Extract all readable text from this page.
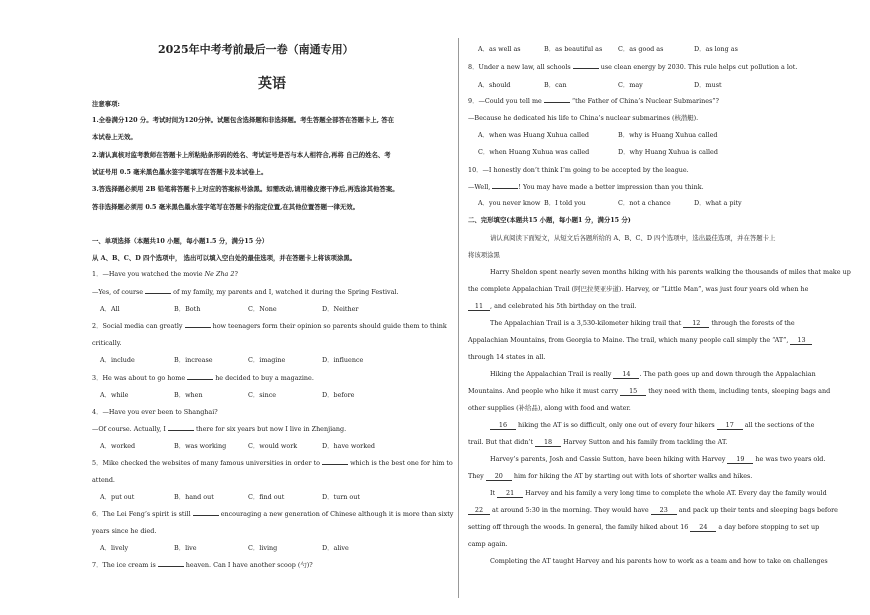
2025年中考考前最后一卷（南通专用）
英语
注意事项:
1.全卷满分120 分。考试时间为120分钟。试题包含选择题和非选择题。考生答题全部答在答题卡上, 答在
本试卷上无效。
2.请认真核对监考教师在答题卡上所粘贴条形码的姓名、考试证号是否与本人相符合,再将 自己的姓名、考
试证号用 0.5 毫米黑色墨水签字笔填写在答题卡及本试卷上。
3.答选择题必须用 2B 铅笔将答题卡上对应的答案标号涂黑。如需改动,请用橡皮擦干净后,再选涂其他答案。
答非选择题必须用 0.5 毫米黑色墨水签字笔写在答题卡的指定位置,在其他位置答题一律无效。
一、单项选择（本题共10 小题，每小题1.5 分，满分15 分）
从 A、B、C、D 四个选项中， 选出可以填入空白处的最佳选项，并在答题卡上将该项涂黑。
1．—Have you watched the movie Ne Zha 2?
—Yes, of course	of my family, my parents and I, watched it during the Spring Festival.
A．All	B．Both	C．None	D．Neither
2．Social media can greatly	how teenagers form their opinion so parents should guide them to think
critically.
A．include	B．increase	C．imagine	D．influence
3．He was about to go home	he decided to buy a magazine.
A．while	B．when	C．since	D．before
4．—Have you ever been to Shanghai?
—Of course. Actually, I	there for six years but now I live in Zhenjiang.
A．worked	B．was working	C．would work	D．have worked
5．Mike checked the websites of many famous universities in order to	which is the best one for him to
attend.
A．put out	B．hand out	C．find out	D．turn out
6．The Lei Feng’s spirit is still	encouraging a new generation of Chinese although it is more than sixty
years since he died.
A．lively	B．live	C．living	D．alive
7．The ice cream is	heaven. Can I have another scoop (勺)?
A．as well as	B．as beautiful as C．as good as	D．as long as
8．Under a new law, all schools	use clean energy by 2030. This rule helps cut pollution a lot.
A．should	B．can	C．may	D．must
9．—Could you tell me	“the Father of China’s Nuclear Submarines”?
—Because he dedicated his life to China’s nuclear submarines (核潜艇).
A．when was Huang Xuhua called	B．why is Huang Xuhua called
C．when Huang Xuhua was called	D．why Huang Xuhua is called
10．—I honestly don’t think I’m going to be accepted by the league.
—Well,	! You may have made a better impression than you think.
A．you never know B．I told you	C．not a chance	D．what a pity
二、完形填空(本题共15 小题，每小题1 分，满分15 分)
请认真阅读下面短文，从短文后各题所给的 A、B、C、D 四个选项中，选出最佳选项，并在答题卡上
将该项涂黑
Harry Sheldon spent nearly seven months hiking with his parents walking the thousands of miles that make up
the complete Appalachian Trail (阿巴拉契亚步道). Harvey, or “Little Man”, was just four years old when he
11 , and celebrated his 5th birthday on the trail.
The Appalachian Trail is a 3,530-kilometer hiking trail that 12 through the forests of the
Appalachian Mountains, from Georgia to Maine. The trail, which many people call simply the “AT”, 13
through 14 states in all.
Hiking the Appalachian Trail is really 14 . The path goes up and down through the Appalachian
Mountains. And people who hike it must carry 15 they need with them, including tents, sleeping bags and
other supplies (补给品), along with food and water.
16 hiking the AT is so difficult, only one out of every four hikers 17 all the sections of the
trail. But that didn’t 18 Harvey Sutton and his family from tackling the AT.
Harvey’s parents, Josh and Cassie Sutton, have been hiking with Harvey 19 he was two years old.
They 20 him for hiking the AT by starting out with lots of shorter walks and hikes.
It 21 Harvey and his family a very long time to complete the whole AT. Every day the family would
22 at around 5:30 in the morning. They would have 23 and pack up their tents and sleeping bags before
setting off through the woods. In general, the family hiked about 16 24 a day before stopping to set up
camp again.
Completing the AT taught Harvey and his parents how to work as a team and how to take on challenges
